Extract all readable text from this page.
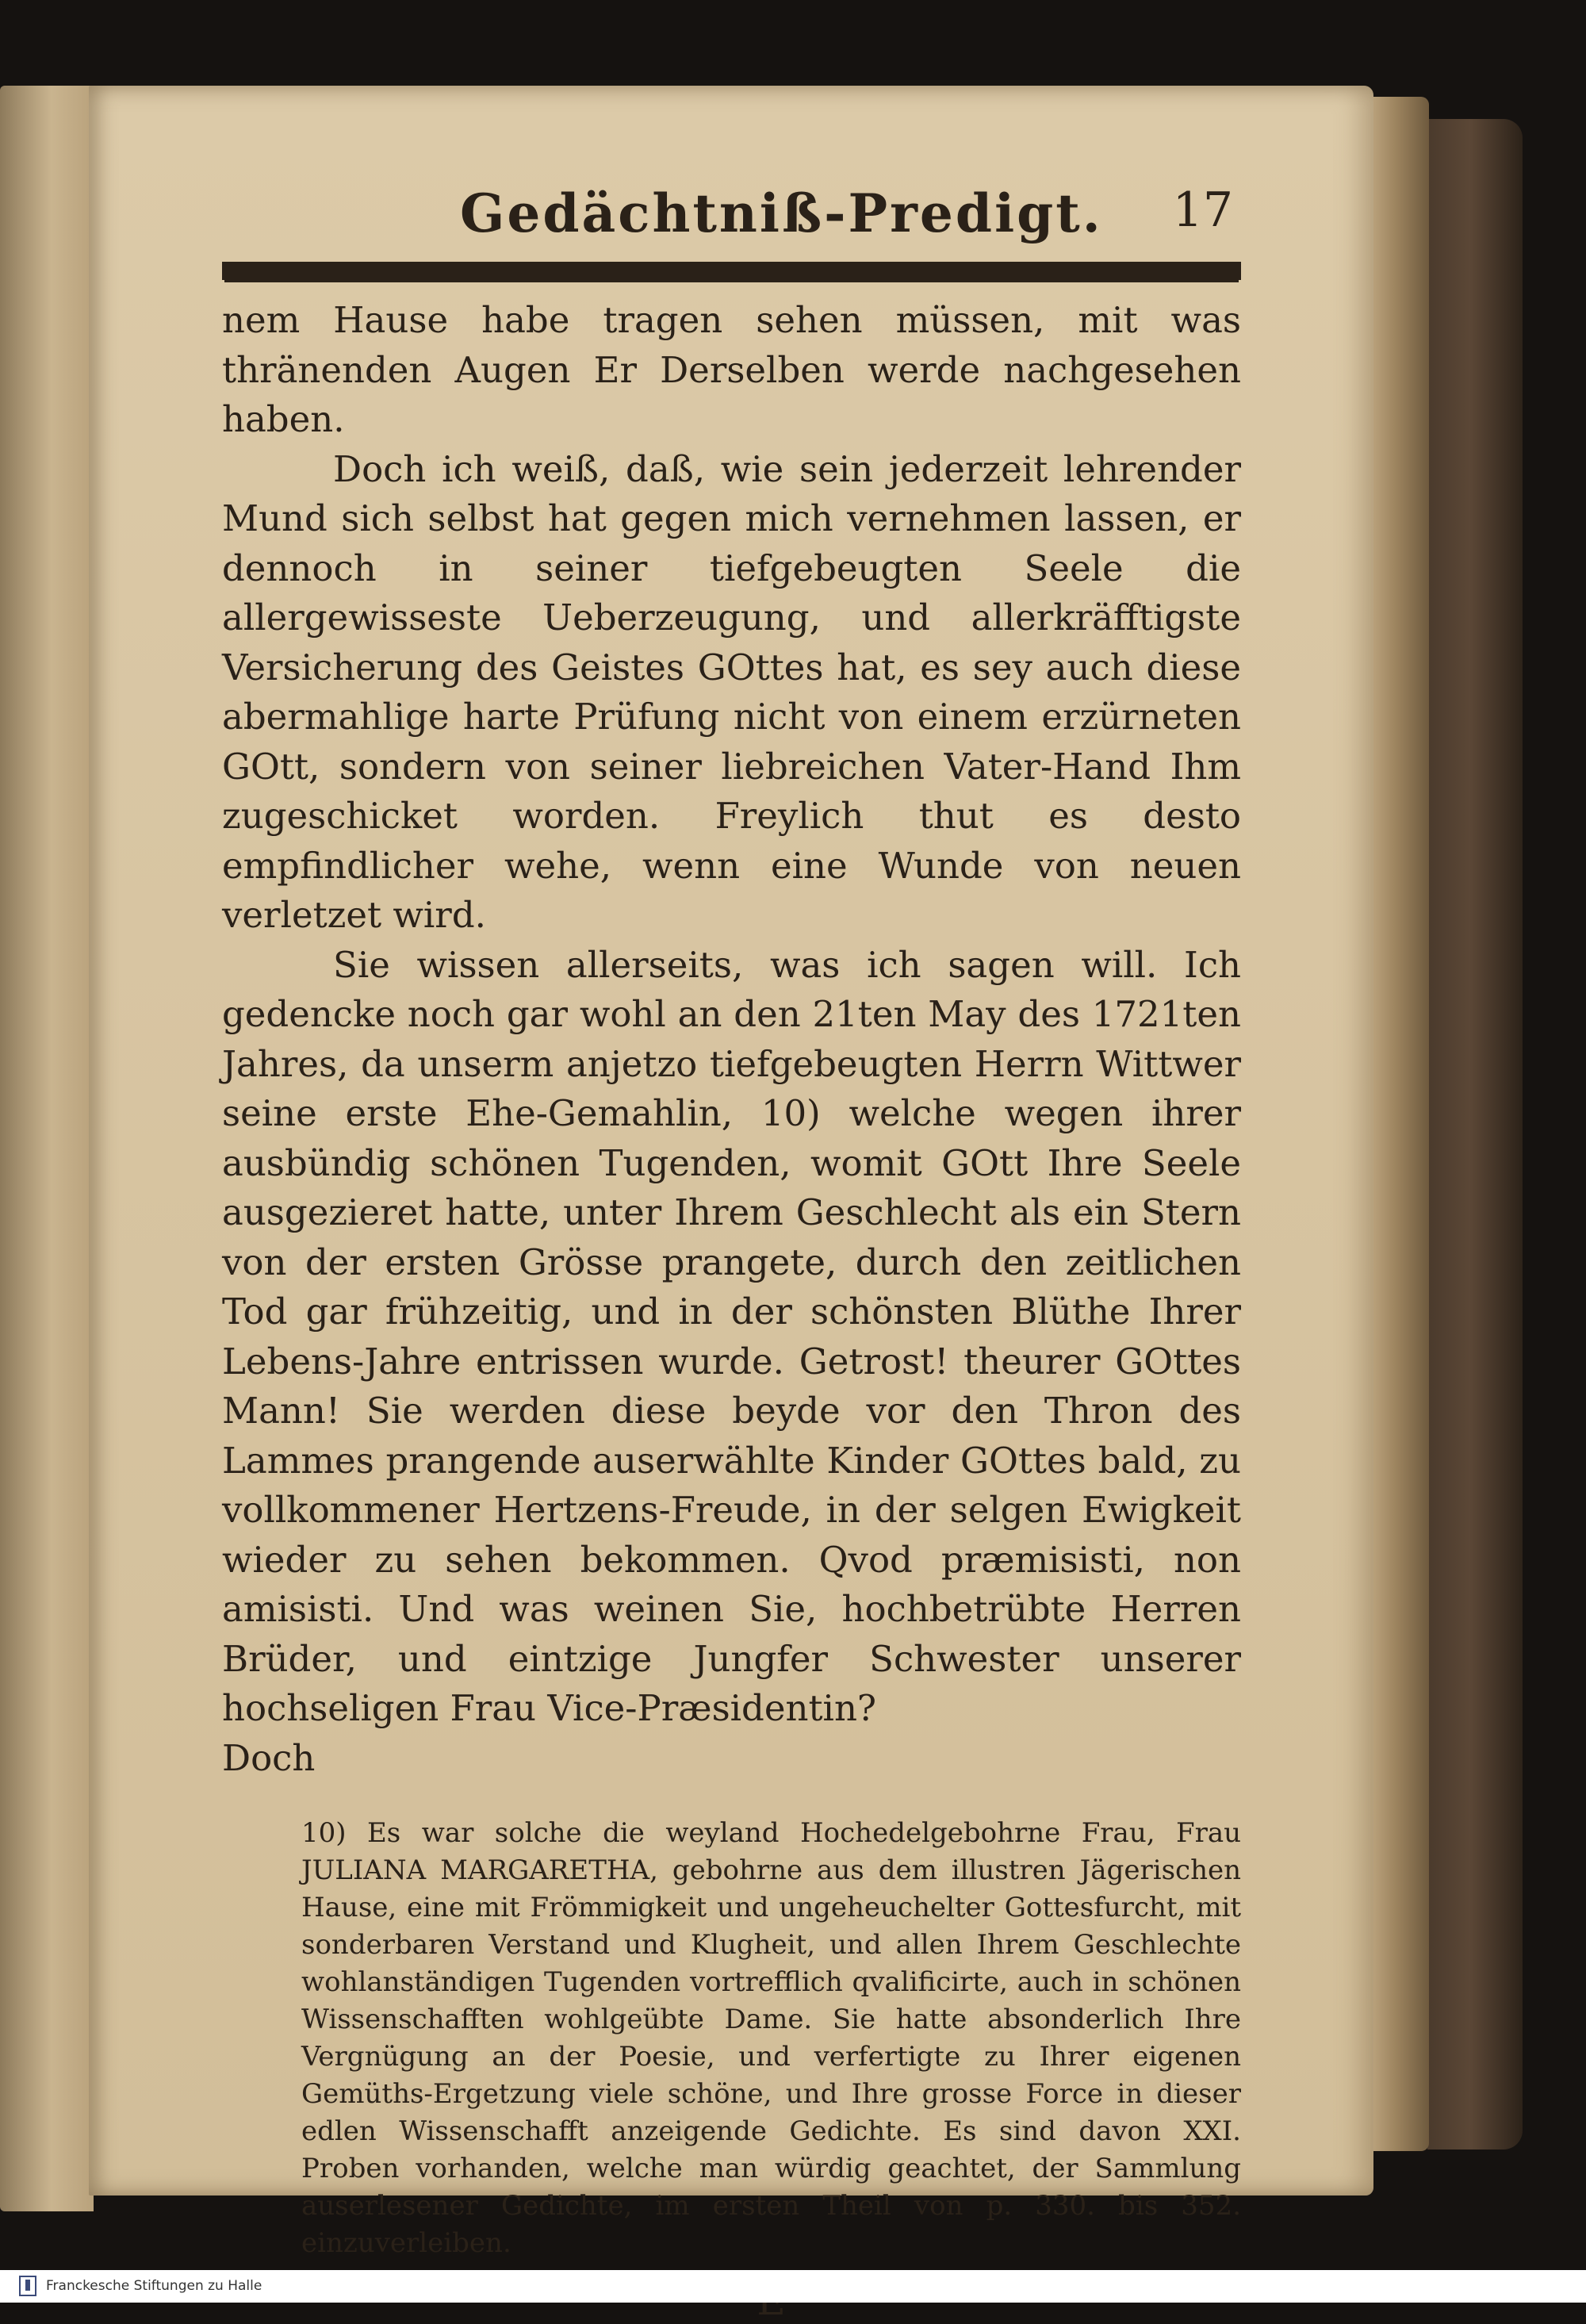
Gedächtniß-Predigt. 17

nem Hause habe tragen sehen müssen, mit was thränenden Augen Er Derselben werde nachgesehen haben.

Doch ich weiß, daß, wie sein jederzeit lehrender Mund sich selbst hat gegen mich vernehmen lassen, er dennoch in seiner tiefgebeugten Seele die allergewisseste Ueberzeugung, und allerkräfftigste Versicherung des Geistes GOttes hat, es sey auch diese abermahlige harte Prüfung nicht von einem erzürneten GOtt, sondern von seiner liebreichen Vater-Hand Ihm zugeschicket worden. Freylich thut es desto empfindlicher wehe, wenn eine Wunde von neuen verletzet wird.

Sie wissen allerseits, was ich sagen will. Ich gedencke noch gar wohl an den 21ten May des 1721ten Jahres, da unserm anjetzo tiefgebeugten Herrn Wittwer seine erste Ehe-Gemahlin, 10) welche wegen ihrer ausbündig schönen Tugenden, womit GOtt Ihre Seele ausgezieret hatte, unter Ihrem Geschlecht als ein Stern von der ersten Grösse prangete, durch den zeitlichen Tod gar frühzeitig, und in der schönsten Blüthe Ihrer Lebens-Jahre entrissen wurde. Getrost! theurer GOttes Mann! Sie werden diese beyde vor den Thron des Lammes prangende auserwählte Kinder GOttes bald, zu vollkommener Hertzens-Freude, in der selgen Ewigkeit wieder zu sehen bekommen. Qvod præmisisti, non amisisti. Und was weinen Sie, hochbetrübte Herren Brüder, und eintzige Jungfer Schwester unserer hochseligen Frau Vice-Præsidentin?

Doch

10) Es war solche die weyland Hochedelgebohrne Frau, Frau JULIANA MARGARETHA, gebohrne aus dem illustren Jägerischen Hause, eine mit Frömmigkeit und ungeheuchelter Gottesfurcht, mit sonderbaren Verstand und Klugheit, und allen Ihrem Geschlechte wohlanständigen Tugenden vortrefflich qvalificirte, auch in schönen Wissenschafften wohlgeübte Dame. Sie hatte absonderlich Ihre Vergnügung an der Poesie, und verfertigte zu Ihrer eigenen Gemüths-Ergetzung viele schöne, und Ihre grosse Force in dieser edlen Wissenschafft anzeigende Gedichte. Es sind davon XXI. Proben vorhanden, welche man würdig geachtet, der Sammlung auserlesener Gedichte, im ersten Theil von p. 330. bis 352. einzuverleiben.

Franckesche Stiftungen zu Halle
